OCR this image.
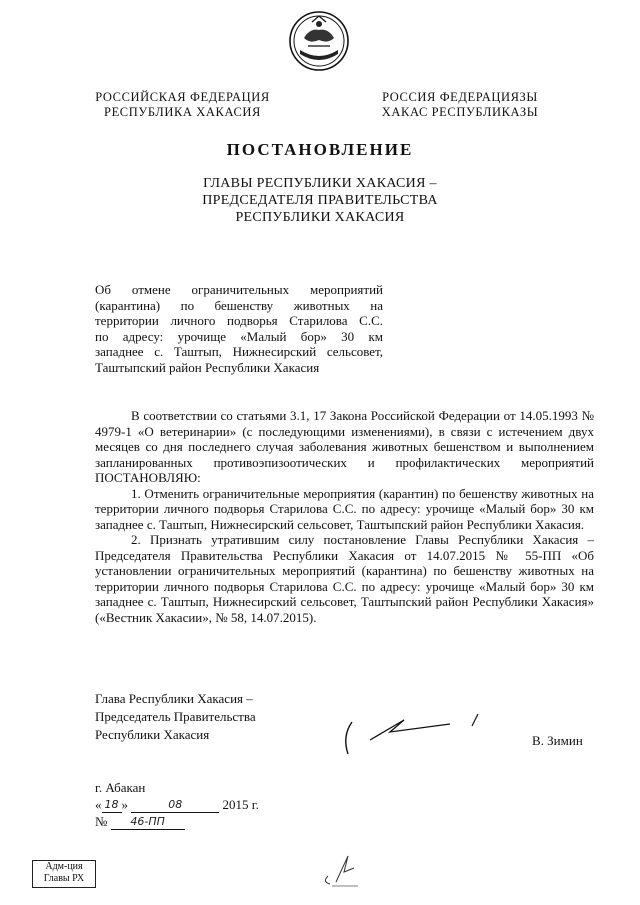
РОССИЙСКАЯ ФЕДЕРАЦИЯ
РЕСПУБЛИКА ХАКАСИЯ
РОССИЯ ФЕДЕРАЦИЯЗЫ
ХАКАС РЕСПУБЛИКАЗЫ
ПОСТАНОВЛЕНИЕ
ГЛАВЫ РЕСПУБЛИКИ ХАКАСИЯ –
ПРЕДСЕДАТЕЛЯ ПРАВИТЕЛЬСТВА
РЕСПУБЛИКИ ХАКАСИЯ
Об отмене ограничительных мероприятий
(карантина) по бешенству животных на
территории личного подворья Старилова С.С.
по адресу: урочище «Малый бор» 30 км
западнее с. Таштып, Нижнесирский сельсовет,
Таштыпский район Республики Хакасия

В соответствии со статьями 3.1, 17 Закона Российской Федерации от 14.05.1993 № 4979-1 «О ветеринарии» (с последующими изменениями), в связи с истечением двух месяцев со дня последнего случая заболевания животных бешенством и выполнением запланированных противоэпизоотических и профилактических мероприятий ПОСТАНОВЛЯЮ:

1. Отменить ограничительные мероприятия (карантин) по бешенству животных на территории личного подворья Старилова С.С. по адресу: урочище «Малый бор» 30 км западнее с. Таштып, Нижнесирский сельсовет, Таштыпский район Республики Хакасия.

2. Признать утратившим силу постановление Главы Республики Хакасия – Председателя Правительства Республики Хакасия от 14.07.2015 № 55-ПП «Об установлении ограничительных мероприятий (карантина) по бешенству животных на территории личного подворья Старилова С.С. по адресу: урочище «Малый бор» 30 км западнее с. Таштып, Нижнесирский сельсовет, Таштыпский район Республики Хакасия» («Вестник Хакасии», № 58, 14.07.2015).

Глава Республики Хакасия –
Председатель Правительства
Республики Хакасия	В. Зимин
г. Абакан
« 18 »	08	2015 г.
№ 46-ПП
Адм-ция
Главы РХ
